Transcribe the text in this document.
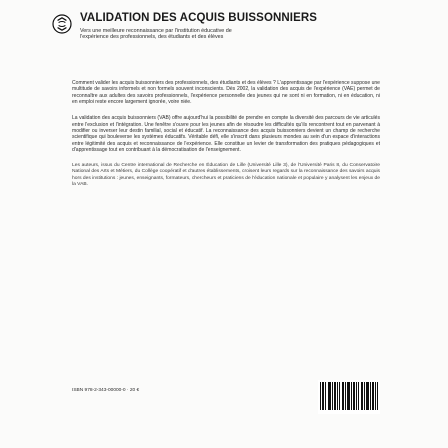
VALIDATION DES ACQUIS BUISSONNIERS
Vers une meilleure reconnaissance par l'institution éducative de l'expérience des professionnels, des étudiants et des élèves
Comment valider les acquis buissonniers des professionnels, des étudiants et des élèves ? L'apprentissage par l'expérience suppose une multitude de savoirs informels et non formels souvent inconscients. Dès 2002, la validation des acquis de l'expérience (VAE) permet de reconnaître aux adultes des savoirs professionnels, l'expérience personnelle des jeunes qui ne sont ni en formation, ni en éducation, ni en emploi reste encore largement ignorée, voire niée.
La validation des acquis buissonniers (VAB) offre aujourd'hui la possibilité de prendre en compte la diversité des parcours de vie articulés entre l'exclusion et l'intégration. Une fenêtre s'ouvre pour les jeunes afin de résoudre les difficultés qu'ils rencontrent tout en parvenant à modifier ou inverser leur destin familial, social et éducatif. La reconnaissance des acquis buissonniers devient un champ de recherche scientifique qui bouleverse les systèmes éducatifs. Véritable défi, elle s'inscrit dans plusieurs mondes au sein d'un espace d'interactions entre légitimité des acquis et reconnaissance de l'expérience. Elle constitue un levier de transformation des pratiques pédagogiques et d'apprentissage tout en contribuant à la démocratisation de l'enseignement.
Les auteurs, issus du Centre international de Recherche en Éducation de Lille (Université Lille 3), de l'Université Paris 8, du Conservatoire National des Arts et Métiers, du Collège coopératif et d'autres établissements, croisent leurs regards sur la reconnaissance des savoirs acquis hors des institutions : jeunes, enseignants, formateurs, chercheurs et praticiens de l'éducation nationale et populaire y analysent les enjeux de la VAB.
ISBN 978-2-343-00000-0 · 20 €
